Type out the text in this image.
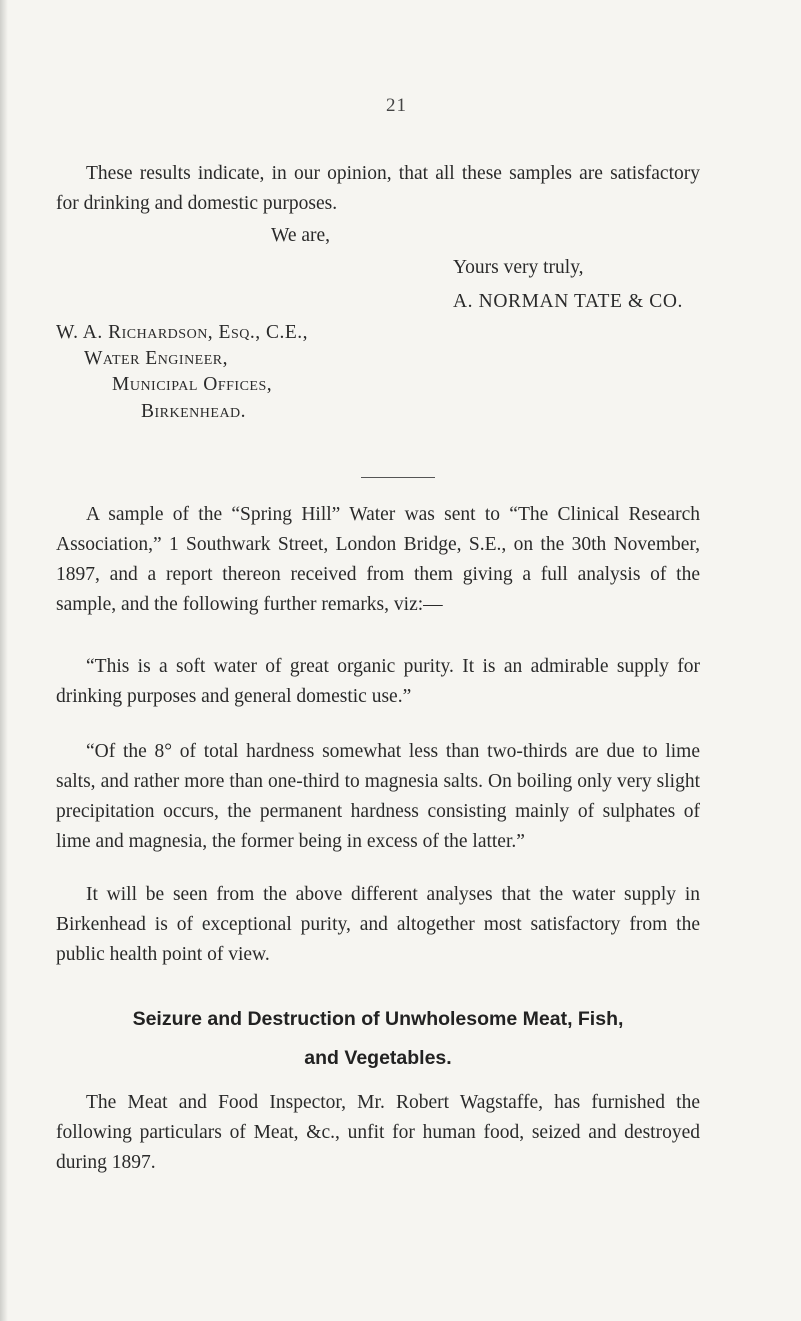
21

These results indicate, in our opinion, that all these samples are satisfactory for drinking and domestic purposes.

We are,
Yours very truly,
A. NORMAN TATE & CO.
W. A. Richardson, Esq., C.E.,
Water Engineer,
Municipal Offices,
Birkenhead.

A sample of the “Spring Hill” Water was sent to “The Clinical Research Association,” 1 Southwark Street, London Bridge, S.E., on the 30th November, 1897, and a report thereon received from them giving a full analysis of the sample, and the following further remarks, viz:—

“This is a soft water of great organic purity. It is an admirable supply for drinking purposes and general domestic use.”

“Of the 8° of total hardness somewhat less than two-thirds are due to lime salts, and rather more than one-third to magnesia salts. On boiling only very slight precipitation occurs, the permanent hardness consisting mainly of sulphates of lime and magnesia, the former being in excess of the latter.”

It will be seen from the above different analyses that the water supply in Birkenhead is of exceptional purity, and altogether most satisfactory from the public health point of view.

Seizure and Destruction of Unwholesome Meat, Fish,
and Vegetables.

The Meat and Food Inspector, Mr. Robert Wagstaffe, has furnished the following particulars of Meat, &c., unfit for human food, seized and destroyed during 1897.
